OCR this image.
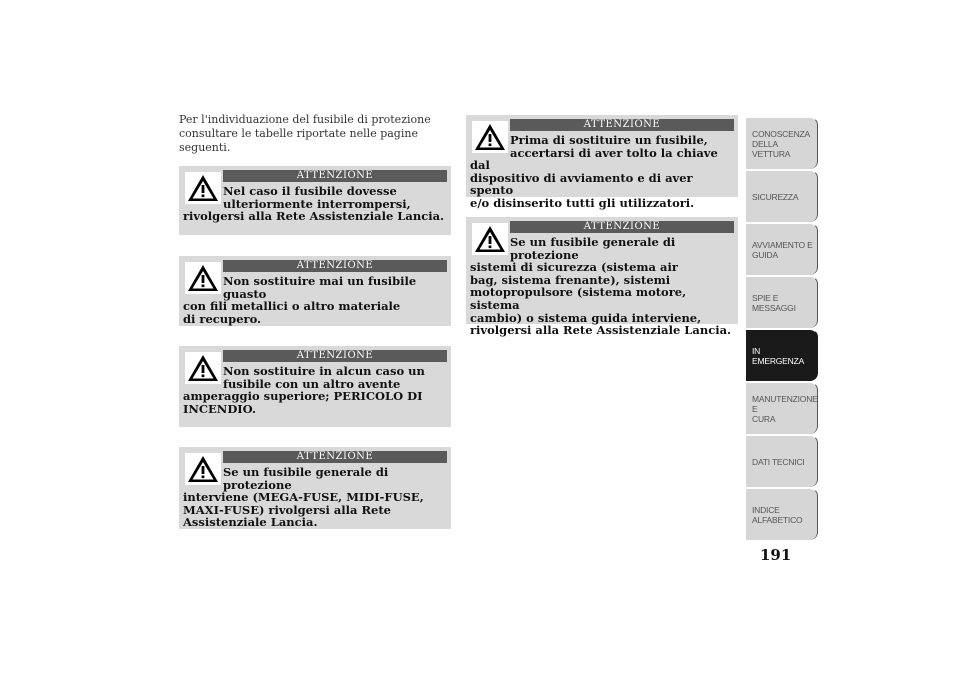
Per l'individuazione del fusibile di protezione
consultare le tabelle riportate nelle pagine
seguenti.
ATTENZIONE
Nel caso il fusibile dovesse
ulteriormente interrompersi,
rivolgersi alla Rete Assistenziale Lancia.
ATTENZIONE
Non sostituire mai un fusibile guasto
con fili metallici o altro materiale
di recupero.
ATTENZIONE
Non sostituire in alcun caso un
fusibile con un altro avente
amperaggio superiore; PERICOLO DI
INCENDIO.
ATTENZIONE
Se un fusibile generale di protezione
interviene (MEGA-FUSE, MIDI-FUSE,
MAXI-FUSE) rivolgersi alla Rete
Assistenziale Lancia.
ATTENZIONE
Prima di sostituire un fusibile,
accertarsi di aver tolto la chiave dal
dispositivo di avviamento e di aver spento
e/o disinserito tutti gli utilizzatori.
ATTENZIONE
Se un fusibile generale di protezione
sistemi di sicurezza (sistema air
bag, sistema frenante), sistemi
motopropulsore (sistema motore, sistema
cambio) o sistema guida interviene,
rivolgersi alla Rete Assistenziale Lancia.
CONOSCENZA
DELLA VETTURA
SICUREZZA
AVVIAMENTO E
GUIDA
SPIE E MESSAGGI
IN EMERGENZA
MANUTENZIONE E
CURA
DATI TECNICI
INDICE
ALFABETICO
191
